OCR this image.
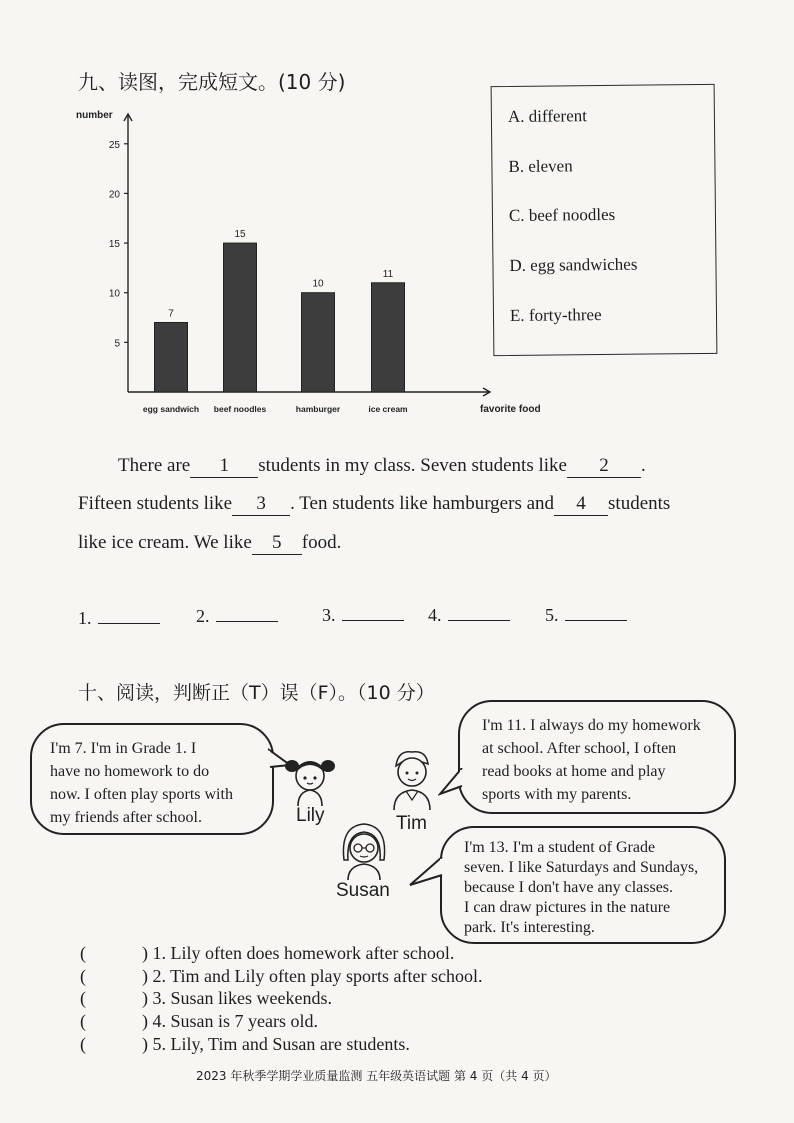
九、读图，完成短文。(10 分)
number
favorite food
5
10
15
20
25
7
egg sandwich
15
beef noodles
10
hamburger
11
ice cream
A. different
B. eleven
C. beef noodles
D. egg sandwiches
E. forty-three
There are 1 students in my class. Seven students like 2 .
Fifteen students like 3 . Ten students like hamburgers and 4 students
like ice cream. We like 5 food.
1.	2.	3.	4.	5.
十、阅读，判断正（T）误（F）。（10 分）
I'm 7. I'm in Grade 1. I
have no homework to do
now. I often play sports with
my friends after school.
I'm 11. I always do my homework
at school. After school, I often
read books at home and play
sports with my parents.
I'm 13. I'm a student of Grade
seven. I like Saturdays and Sundays,
because I don't have any classes.
I can draw pictures in the nature
park. It's interesting.
Lily	Tim
Susan
(	) 1. Lily often does homework after school.
(	) 2. Tim and Lily often play sports after school.
(	) 3. Susan likes weekends.
(	) 4. Susan is 7 years old.
(	) 5. Lily, Tim and Susan are students.
2023 年秋季学期学业质量监测 五年级英语试题 第 4 页（共 4 页）
